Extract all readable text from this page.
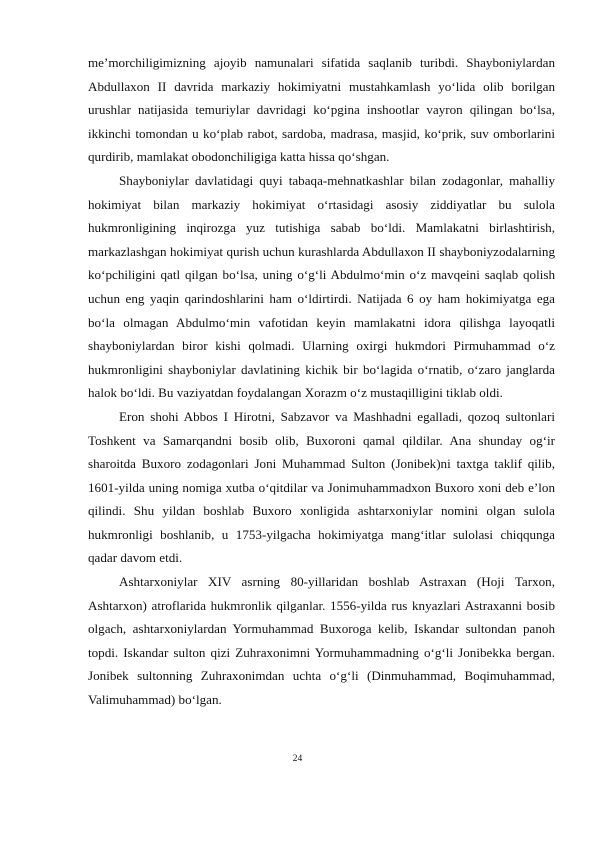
me’morchiligimizning ajoyib namunalari sifatida saqlanib turibdi. Shayboniylardan Abdullaxon II davrida markaziy hokimiyatni mustahkamlash yo‘lida olib borilgan urushlar natijasida temuriylar davridagi ko‘pgina inshootlar vayron qilingan bo‘lsa, ikkinchi tomondan u ko‘plab rabot, sardoba, madrasa, masjid, ko‘prik, suv omborlarini qurdirib, mamlakat obodonchiligiga katta hissa qo‘shgan.

Shayboniylar davlatidagi quyi tabaqa-mehnatkashlar bilan zodagonlar, mahalliy hokimiyat bilan markaziy hokimiyat o‘rtasidagi asosiy ziddiyatlar bu sulola hukmronligining inqirozga yuz tutishiga sabab bo‘ldi. Mamlakatni birlashtirish, markazlashgan hokimiyat qurish uchun kurashlarda Abdullaxon II shayboniyzodalarning ko‘pchiligini qatl qilgan bo‘lsa, uning o‘g‘li Abdulmo‘min o‘z mavqeini saqlab qolish uchun eng yaqin qarindoshlarini ham o‘ldirtirdi. Natijada 6 oy ham hokimiyatga ega bo‘la olmagan Abdulmo‘min vafotidan keyin mamlakatni idora qilishga layoqatli shayboniylardan biror kishi qolmadi. Ularning oxirgi hukmdori Pirmuhammad o‘z hukmronligini shayboniylar davlatining kichik bir bo‘lagida o‘rnatib, o‘zaro janglarda halok bo‘ldi. Bu vaziyatdan foydalangan Xorazm o‘z mustaqilligini tiklab oldi.

Eron shohi Abbos I Hirotni, Sabzavor va Mashhadni egalladi, qozoq sultonlari Toshkent va Samarqandni bosib olib, Buxoroni qamal qildilar. Ana shunday og‘ir sharoitda Buxoro zodagonlari Joni Muhammad Sulton (Jonibek)ni taxtga taklif qilib, 1601-yilda uning nomiga xutba o‘qitdilar va Jonimuhammadxon Buxoro xoni deb e’lon qilindi. Shu yildan boshlab Buxoro xonligida ashtarxoniylar nomini olgan sulola hukmronligi boshlanib, u 1753-yilgacha hokimiyatga mang‘itlar sulolasi chiqqunga qadar davom etdi.

Ashtarxoniylar XIV asrning 80-yillaridan boshlab Astraxan (Hoji Tarxon, Ashtarxon) atroflarida hukmronlik qilganlar. 1556-yilda rus knyazlari Astraxanni bosib olgach, ashtarxoniylardan Yormuhammad Buxoroga kelib, Iskandar sultondan panoh topdi. Iskandar sulton qizi Zuhraxonimni Yormuhammadning o‘g‘li Jonibekka bergan. Jonibek sultonning Zuhraxonimdan uchta o‘g‘li (Dinmuhammad, Boqimuhammad, Valimuhammad) bo‘lgan.

24
